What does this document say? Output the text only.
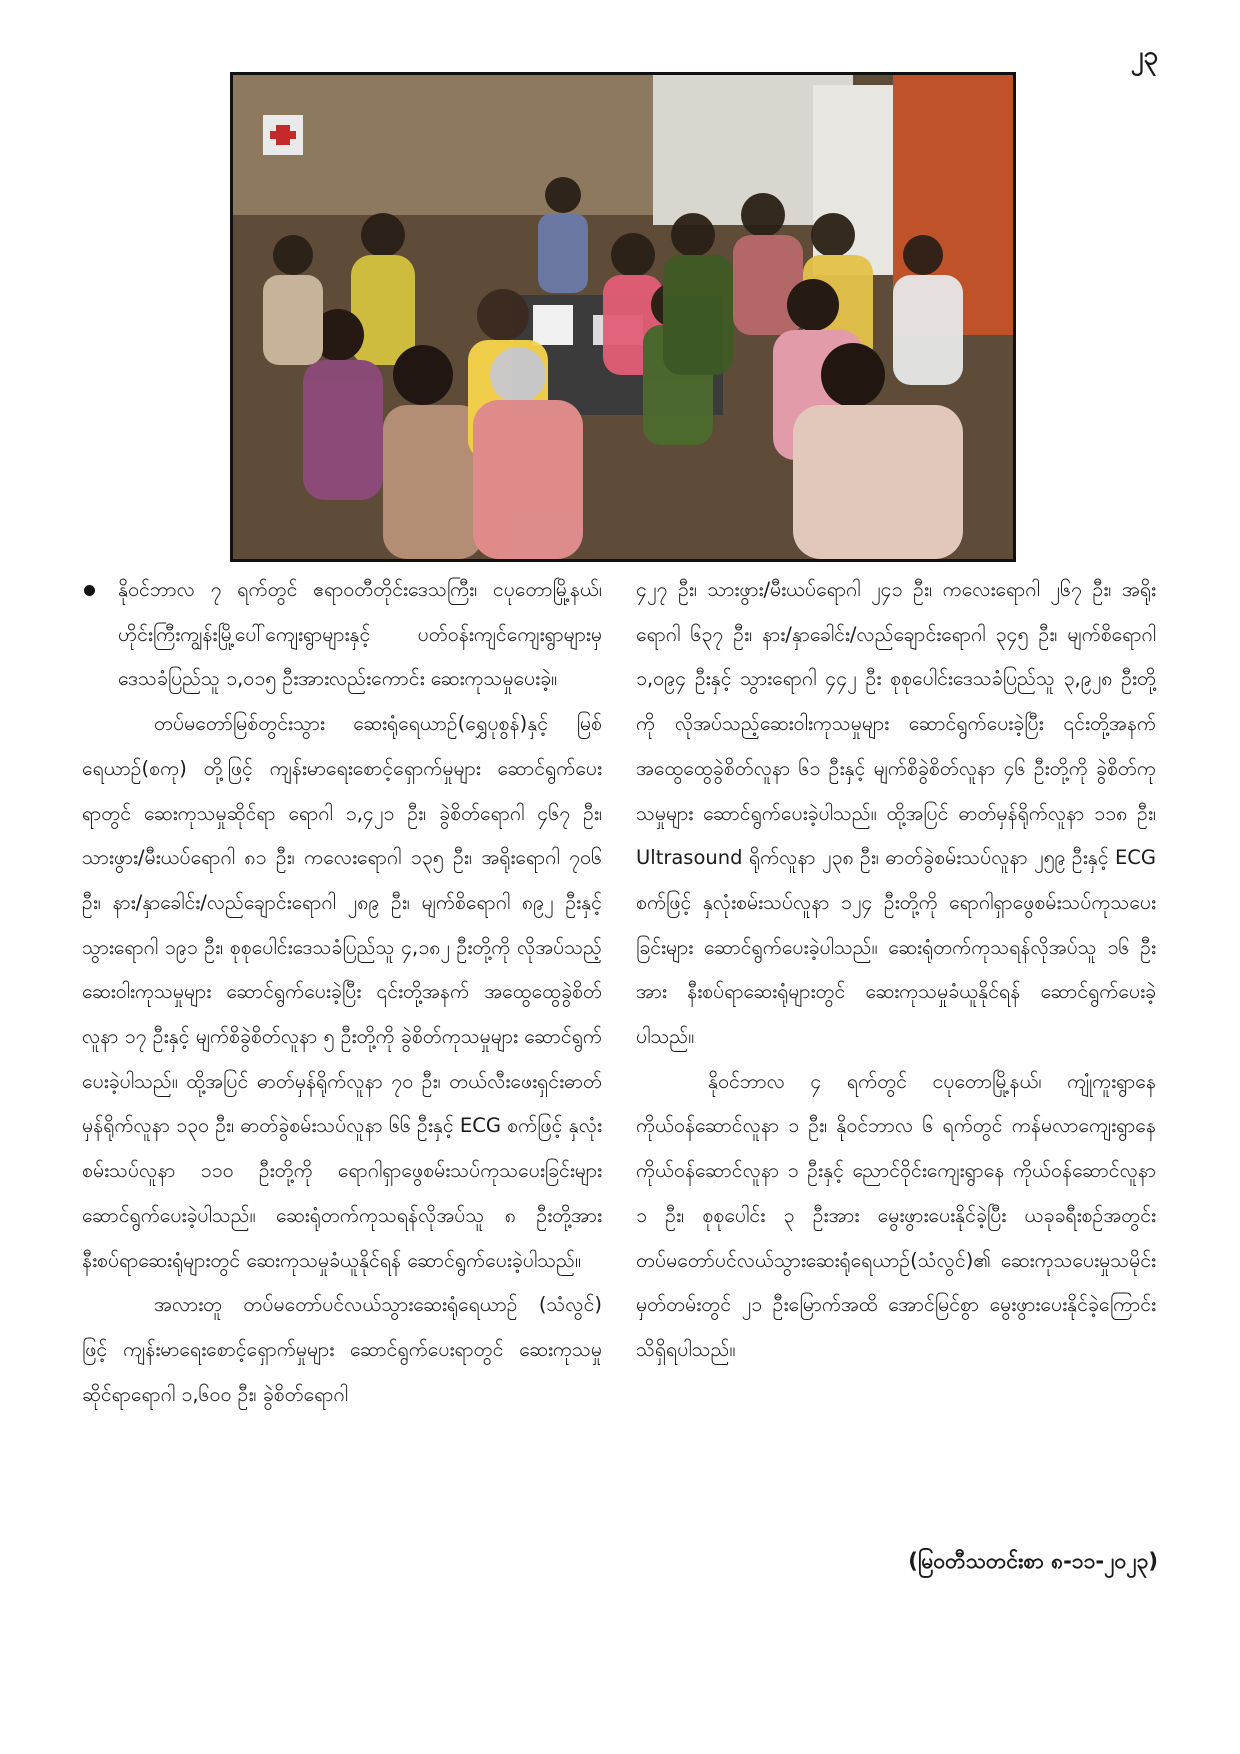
၂၃

နိုဝင်ဘာလ ၇ ရက်တွင် ဧရာဝတီတိုင်းဒေသကြီး၊ ငပုတောမြို့နယ်၊ ဟိုင်းကြီးကျွန်းမြို့ပေါ်ကျေးရွာများနှင့် ပတ်ဝန်းကျင်ကျေးရွာများမှ ဒေသခံပြည်သူ ၁,၀၁၅ ဦးအားလည်းကောင်း ဆေးကုသမှုပေးခဲ့။

တပ်မတော်မြစ်တွင်းသွား ဆေးရုံရေယာဉ်(ရွှေပုစွန်)နှင့် မြစ်ရေယာဉ်(စကု) တို့ဖြင့် ကျန်းမာရေးစောင့်ရှောက်မှုများ ဆောင်ရွက်ပေးရာတွင် ဆေးကုသမှုဆိုင်ရာ ရောဂါ ၁,၄၂၁ ဦး၊ ခွဲစိတ်ရောဂါ ၄၆၇ ဦး၊ သားဖွား/မီးယပ်ရောဂါ ၈၁ ဦး၊ ကလေးရောဂါ ၁၃၅ ဦး၊ အရိုးရောဂါ ၇၀၆ ဦး၊ နား/နှာခေါင်း/လည်ချောင်းရောဂါ ၂၈၉ ဦး၊ မျက်စိရောဂါ ၈၉၂ ဦးနှင့် သွားရောဂါ ၁၉၁ ဦး၊ စုစုပေါင်းဒေသခံပြည်သူ ၄,၁၈၂ ဦးတို့ကို လိုအပ်သည့် ဆေးဝါးကုသမှုများ ဆောင်ရွက်ပေးခဲ့ပြီး ၎င်းတို့အနက် အထွေထွေခွဲစိတ်လူနာ ၁၇ ဦးနှင့် မျက်စိခွဲစိတ်လူနာ ၅ ဦးတို့ကို ခွဲစိတ်ကုသမှုများ ဆောင်ရွက်ပေးခဲ့ပါသည်။ ထို့အပြင် ဓာတ်မှန်ရိုက်လူနာ ၇၀ ဦး၊ တယ်လီးဖေးရှင်းဓာတ်မှန်ရိုက်လူနာ ၁၃၀ ဦး၊ ဓာတ်ခွဲစမ်းသပ်လူနာ ၆၆ ဦးနှင့် ECG စက်ဖြင့် နှလုံးစမ်းသပ်လူနာ ၁၁၀ ဦးတို့ကို ရောဂါရှာဖွေစမ်းသပ်ကုသပေးခြင်းများ ဆောင်ရွက်ပေးခဲ့ပါသည်။ ဆေးရုံတက်ကုသရန်လိုအပ်သူ ၈ ဦးတို့အား နီးစပ်ရာဆေးရုံများတွင် ဆေးကုသမှုခံယူနိုင်ရန် ဆောင်ရွက်ပေးခဲ့ပါသည်။

အလားတူ တပ်မတော်ပင်လယ်သွားဆေးရုံရေယာဉ် (သံလွင်) ဖြင့် ကျန်းမာရေးစောင့်ရှောက်မှုများ ဆောင်ရွက်ပေးရာတွင် ဆေးကုသမှုဆိုင်ရာရောဂါ ၁,၆၀၀ ဦး၊ ခွဲစိတ်ရောဂါ

၄၂၇ ဦး၊ သားဖွား/မီးယပ်ရောဂါ ၂၄၁ ဦး၊ ကလေးရောဂါ ၂၆၇ ဦး၊ အရိုးရောဂါ ၆၃၇ ဦး၊ နား/နှာခေါင်း/လည်ချောင်းရောဂါ ၃၄၅ ဦး၊ မျက်စိရောဂါ ၁,၀၉၄ ဦးနှင့် သွားရောဂါ ၄၄၂ ဦး စုစုပေါင်းဒေသခံပြည်သူ ၃,၉၂၈ ဦးတို့ကို လိုအပ်သည့်ဆေးဝါးကုသမှုများ ဆောင်ရွက်ပေးခဲ့ပြီး ၎င်းတို့အနက် အထွေထွေခွဲစိတ်လူနာ ၆၁ ဦးနှင့် မျက်စိခွဲစိတ်လူနာ ၄၆ ဦးတို့ကို ခွဲစိတ်ကုသမှုများ ဆောင်ရွက်ပေးခဲ့ပါသည်။ ထို့အပြင် ဓာတ်မှန်ရိုက်လူနာ ၁၁၈ ဦး၊ Ultrasound ရိုက်လူနာ ၂၃၈ ဦး၊ ဓာတ်ခွဲစမ်းသပ်လူနာ ၂၅၉ ဦးနှင့် ECG စက်ဖြင့် နှလုံးစမ်းသပ်လူနာ ၁၂၄ ဦးတို့ကို ရောဂါရှာဖွေစမ်းသပ်ကုသပေးခြင်းများ ဆောင်ရွက်ပေးခဲ့ပါသည်။ ဆေးရုံတက်ကုသရန်လိုအပ်သူ ၁၆ ဦးအား နီးစပ်ရာဆေးရုံများတွင် ဆေးကုသမှုခံယူနိုင်ရန် ဆောင်ရွက်ပေးခဲ့ပါသည်။

နိုဝင်ဘာလ ၄ ရက်တွင် ငပုတောမြို့နယ်၊ ကျုံကူးရွာနေ ကိုယ်ဝန်ဆောင်လူနာ ၁ ဦး၊ နိုဝင်ဘာလ ၆ ရက်တွင် ကန်မလာကျေးရွာနေ ကိုယ်ဝန်ဆောင်လူနာ ၁ ဦးနှင့် ညောင်ဝိုင်းကျေးရွာနေ ကိုယ်ဝန်ဆောင်လူနာ ၁ ဦး၊ စုစုပေါင်း ၃ ဦးအား မွေးဖွားပေးနိုင်ခဲ့ပြီး ယခုခရီးစဉ်အတွင်း တပ်မတော်ပင်လယ်သွားဆေးရုံရေယာဉ်(သံလွင်)၏ ဆေးကုသပေးမှုသမိုင်းမှတ်တမ်းတွင် ၂၁ ဦးမြောက်အထိ အောင်မြင်စွာ မွေးဖွားပေးနိုင်ခဲ့ကြောင်း သိရှိရပါသည်။

(မြဝတီသတင်းစာ ၈-၁၁-၂၀၂၃)
